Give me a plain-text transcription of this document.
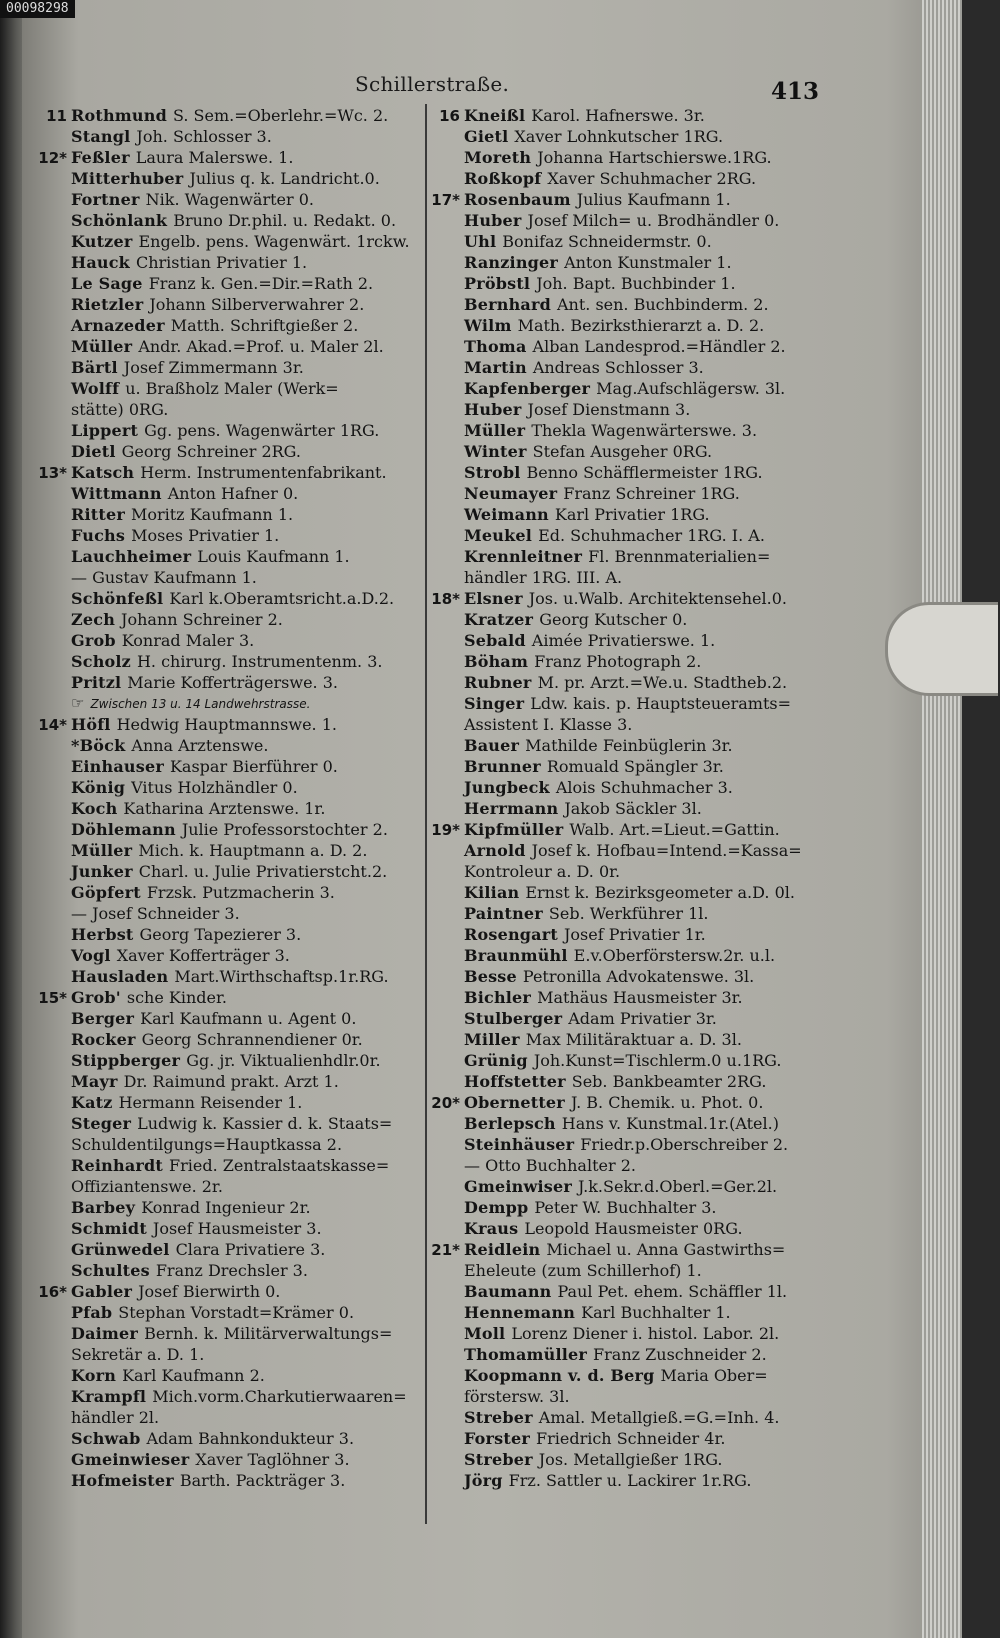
00098298
Schillerstraße.	413
11 Rothmund S. Sem.=Oberlehr.=Wc. 2.
Stangl Joh. Schlosser 3.
12* Feßler Laura Malerswe. 1.
Mitterhuber Julius q. k. Landricht.0.
Fortner Nik. Wagenwärter 0.
Schönlank Bruno Dr.phil. u. Redakt. 0.
Kutzer Engelb. pens. Wagenwärt. 1rckw.
Hauck Christian Privatier 1.
Le Sage Franz k. Gen.=Dir.=Rath 2.
Rietzler Johann Silberverwahrer 2.
Arnazeder Matth. Schriftgießer 2.
Müller Andr. Akad.=Prof. u. Maler 2l.
Bärtl Josef Zimmermann 3r.
Wolff u. Braßholz Maler (Werk=
stätte) 0RG.
Lippert Gg. pens. Wagenwärter 1RG.
Dietl Georg Schreiner 2RG.
13* Katsch Herm. Instrumentenfabrikant.
Wittmann Anton Hafner 0.
Ritter Moritz Kaufmann 1.
Fuchs Moses Privatier 1.
Lauchheimer Louis Kaufmann 1.
— Gustav Kaufmann 1.
Schönfeßl Karl k.Oberamtsricht.a.D.2.
Zech Johann Schreiner 2.
Grob Konrad Maler 3.
Scholz H. chirurg. Instrumentenm. 3.
Pritzl Marie Kofferträgerswe. 3.
☞ Zwischen 13 u. 14 Landwehrstrasse.
14* Höfl Hedwig Hauptmannswe. 1.
*Böck Anna Arztenswe.
Einhauser Kaspar Bierführer 0.
König Vitus Holzhändler 0.
Koch Katharina Arztenswe. 1r.
Döhlemann Julie Professorstochter 2.
Müller Mich. k. Hauptmann a. D. 2.
Junker Charl. u. Julie Privatierstcht.2.
Göpfert Frzsk. Putzmacherin 3.
— Josef Schneider 3.
Herbst Georg Tapezierer 3.
Vogl Xaver Kofferträger 3.
Hausladen Mart.Wirthschaftsp.1r.RG.
15* Grob' sche Kinder.
Berger Karl Kaufmann u. Agent 0.
Rocker Georg Schrannendiener 0r.
Stippberger Gg. jr. Viktualienhdlr.0r.
Mayr Dr. Raimund prakt. Arzt 1.
Katz Hermann Reisender 1.
Steger Ludwig k. Kassier d. k. Staats=
Schuldentilgungs=Hauptkassa 2.
Reinhardt Fried. Zentralstaatskasse=
Offiziantenswe. 2r.
Barbey Konrad Ingenieur 2r.
Schmidt Josef Hausmeister 3.
Grünwedel Clara Privatiere 3.
Schultes Franz Drechsler 3.
16* Gabler Josef Bierwirth 0.
Pfab Stephan Vorstadt=Krämer 0.
Daimer Bernh. k. Militärverwaltungs=
Sekretär a. D. 1.
Korn Karl Kaufmann 2.
Krampfl Mich.vorm.Charkutierwaaren=
händler 2l.
Schwab Adam Bahnkondukteur 3.
Gmeinwieser Xaver Taglöhner 3.
Hofmeister Barth. Packträger 3.
16 Kneißl Karol. Hafnerswe. 3r.
Gietl Xaver Lohnkutscher 1RG.
Moreth Johanna Hartschierswe.1RG.
Roßkopf Xaver Schuhmacher 2RG.
17* Rosenbaum Julius Kaufmann 1.
Huber Josef Milch= u. Brodhändler 0.
Uhl Bonifaz Schneidermstr. 0.
Ranzinger Anton Kunstmaler 1.
Pröbstl Joh. Bapt. Buchbinder 1.
Bernhard Ant. sen. Buchbinderm. 2.
Wilm Math. Bezirksthierarzt a. D. 2.
Thoma Alban Landesprod.=Händler 2.
Martin Andreas Schlosser 3.
Kapfenberger Mag.Aufschlägersw. 3l.
Huber Josef Dienstmann 3.
Müller Thekla Wagenwärterswe. 3.
Winter Stefan Ausgeher 0RG.
Strobl Benno Schäfflermeister 1RG.
Neumayer Franz Schreiner 1RG.
Weimann Karl Privatier 1RG.
Meukel Ed. Schuhmacher 1RG. I. A.
Krennleitner Fl. Brennmaterialien=
händler 1RG. III. A.
18* Elsner Jos. u.Walb. Architektensehel.0.
Kratzer Georg Kutscher 0.
Sebald Aimée Privatierswe. 1.
Böham Franz Photograph 2.
Rubner M. pr. Arzt.=We.u. Stadtheb.2.
Singer Ldw. kais. p. Hauptsteueramts=
Assistent I. Klasse 3.
Bauer Mathilde Feinbüglerin 3r.
Brunner Romuald Spängler 3r.
Jungbeck Alois Schuhmacher 3.
Herrmann Jakob Säckler 3l.
19* Kipfmüller Walb. Art.=Lieut.=Gattin.
Arnold Josef k. Hofbau=Intend.=Kassa=
Kontroleur a. D. 0r.
Kilian Ernst k. Bezirksgeometer a.D. 0l.
Paintner Seb. Werkführer 1l.
Rosengart Josef Privatier 1r.
Braunmühl E.v.Oberförstersw.2r. u.l.
Besse Petronilla Advokatenswe. 3l.
Bichler Mathäus Hausmeister 3r.
Stulberger Adam Privatier 3r.
Miller Max Militäraktuar a. D. 3l.
Grünig Joh.Kunst=Tischlerm.0 u.1RG.
Hoffstetter Seb. Bankbeamter 2RG.
20* Obernetter J. B. Chemik. u. Phot. 0.
Berlepsch Hans v. Kunstmal.1r.(Atel.)
Steinhäuser Friedr.p.Oberschreiber 2.
— Otto Buchhalter 2.
Gmeinwiser J.k.Sekr.d.Oberl.=Ger.2l.
Dempp Peter W. Buchhalter 3.
Kraus Leopold Hausmeister 0RG.
21* Reidlein Michael u. Anna Gastwirths=
Eheleute (zum Schillerhof) 1.
Baumann Paul Pet. ehem. Schäffler 1l.
Hennemann Karl Buchhalter 1.
Moll Lorenz Diener i. histol. Labor. 2l.
Thomamüller Franz Zuschneider 2.
Koopmann v. d. Berg Maria Ober=
förstersw. 3l.
Streber Amal. Metallgieß.=G.=Inh. 4.
Forster Friedrich Schneider 4r.
Streber Jos. Metallgießer 1RG.
Jörg Frz. Sattler u. Lackirer 1r.RG.
